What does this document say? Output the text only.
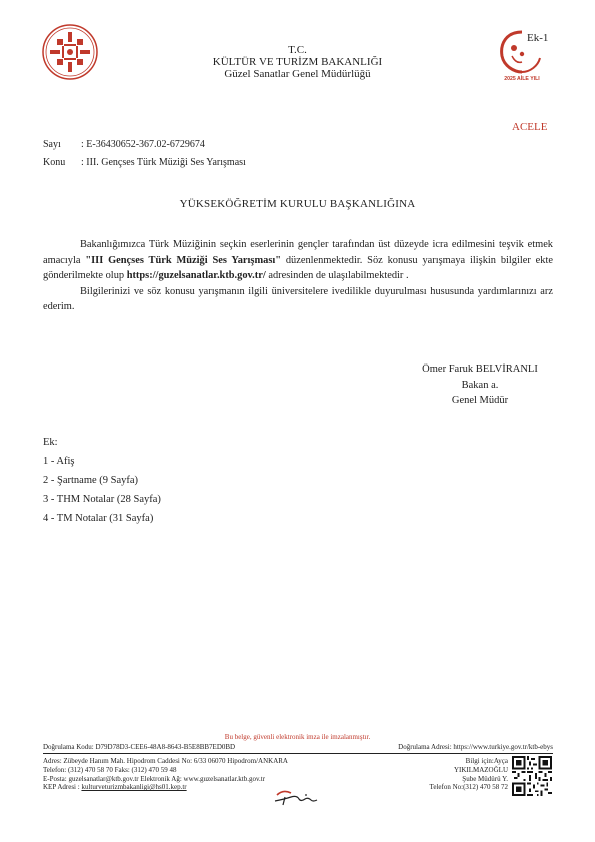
T.C.
KÜLTÜR VE TURİZM BAKANLIĞI
Güzel Sanatlar Genel Müdürlüğü	2025 AİLE YILI
Ek-1
ACELE
Sayı : E-36430652-367.02-6729674
Konu : III. Gençses Türk Müziği Ses Yarışması
YÜKSEKÖĞRETİM KURULU BAŞKANLIĞINA

Bakanlığımızca Türk Müziğinin seçkin eserlerinin gençler tarafından üst düzeyde icra edilmesini teşvik etmek amacıyla "III Gençses Türk Müziği Ses Yarışması" düzenlenmektedir. Söz konusu yarışmaya ilişkin bilgiler ekte gönderilmekte olup https://guzelsanatlar.ktb.gov.tr/ adresinden de ulaşılabilmektedir .

Bilgilerinizi ve söz konusu yarışmanın ilgili üniversitelere ivedilikle duyurulması hususunda yardımlarınızı arz ederim.

Ömer Faruk BELVİRANLI
Bakan a.
Genel Müdür
Ek:
1 - Afiş
2 - Şartname (9 Sayfa)
3 - THM Notalar (28 Sayfa)
4 - TM Notalar (31 Sayfa)
Bu belge, güvenli elektronik imza ile imzalanmıştır.
Doğrulama Kodu: D79D78D3-CEE6-48A8-8643-B5E8BB7ED0BD	Doğrulama Adresi: https://www.turkiye.gov.tr/ktb-ebys
Adres: Zübeyde Hanım Mah. Hipodrom Caddesi No: 6/33 06070 Hipodrom/ANKARA
Telefon: (312) 470 58 70 Faks: (312) 470 59 48
E-Posta: guzelsanatlar@ktb.gov.tr Elektronik Ağ: www.guzelsanatlar.ktb.gov.tr
KEP Adresi : kulturveturizmbakanligi@hs01.kep.tr
Bilgi için:Ayça
YIKILMAZOĞLU
Şube Müdürü Y.
Telefon No:(312) 470 58 72
